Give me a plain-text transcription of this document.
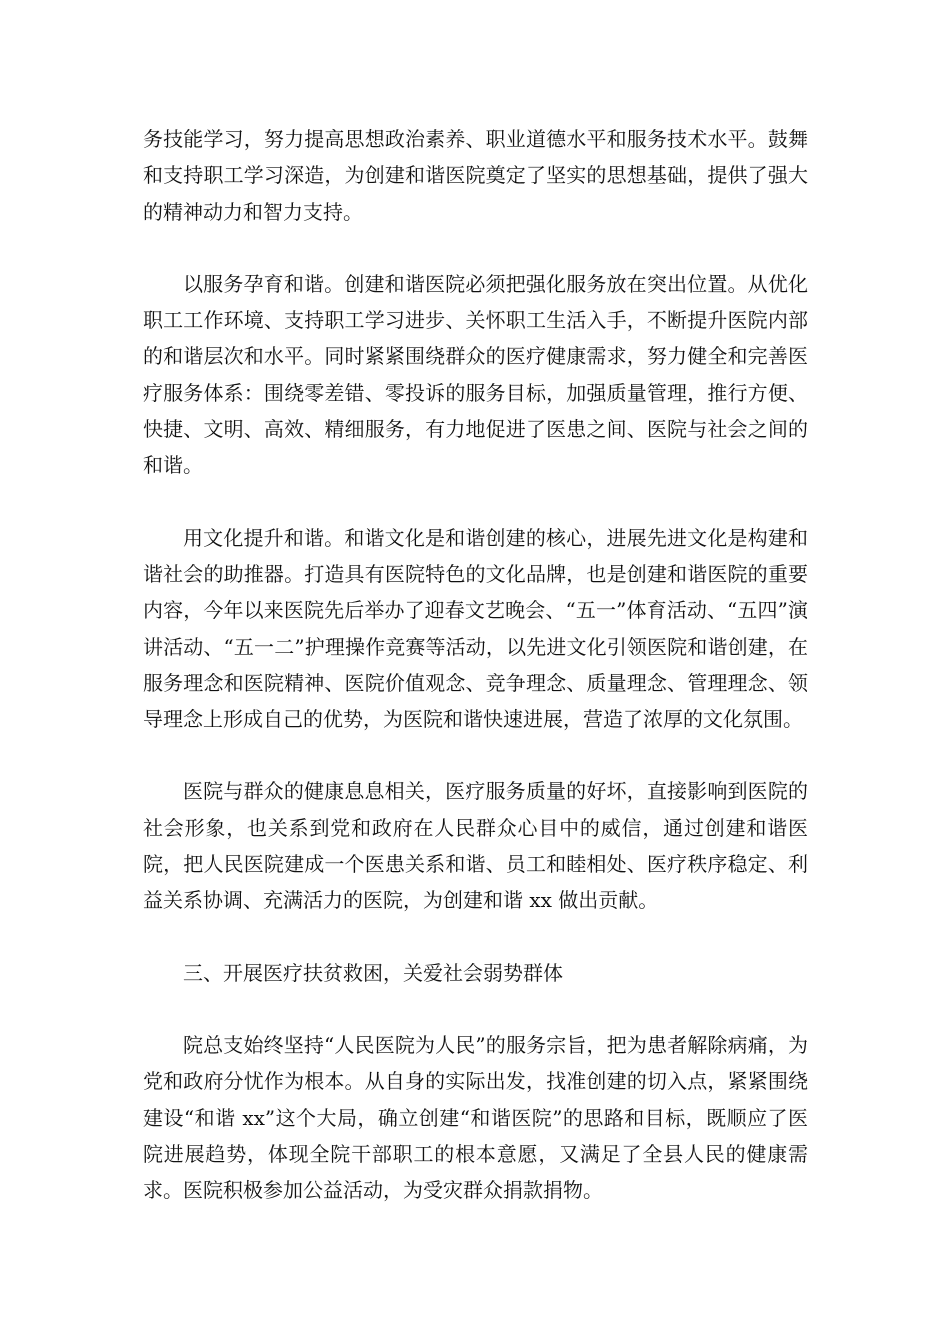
务技能学习，努力提高思想政治素养、职业道德水平和服务技术水平。鼓舞和支持职工学习深造，为创建和谐医院奠定了坚实的思想基础，提供了强大的精神动力和智力支持。

以服务孕育和谐。创建和谐医院必须把强化服务放在突出位置。从优化职工工作环境、支持职工学习进步、关怀职工生活入手，不断提升医院内部的和谐层次和水平。同时紧紧围绕群众的医疗健康需求，努力健全和完善医疗服务体系：围绕零差错、零投诉的服务目标，加强质量管理，推行方便、快捷、文明、高效、精细服务，有力地促进了医患之间、医院与社会之间的和谐。

用文化提升和谐。和谐文化是和谐创建的核心，进展先进文化是构建和谐社会的助推器。打造具有医院特色的文化品牌，也是创建和谐医院的重要内容，今年以来医院先后举办了迎春文艺晚会、“五一”体育活动、“五四”演讲活动、“五一二”护理操作竞赛等活动，以先进文化引领医院和谐创建，在服务理念和医院精神、医院价值观念、竞争理念、质量理念、管理理念、领导理念上形成自己的优势，为医院和谐快速进展，营造了浓厚的文化氛围。

医院与群众的健康息息相关，医疗服务质量的好坏，直接影响到医院的社会形象，也关系到党和政府在人民群众心目中的威信，通过创建和谐医院，把人民医院建成一个医患关系和谐、员工和睦相处、医疗秩序稳定、利益关系协调、充满活力的医院，为创建和谐 xx 做出贡献。

三、开展医疗扶贫救困，关爱社会弱势群体

院总支始终坚持“人民医院为人民”的服务宗旨，把为患者解除病痛，为党和政府分忧作为根本。从自身的实际出发，找准创建的切入点，紧紧围绕建设“和谐 xx”这个大局，确立创建“和谐医院”的思路和目标，既顺应了医院进展趋势，体现全院干部职工的根本意愿，又满足了全县人民的健康需求。医院积极参加公益活动，为受灾群众捐款捐物。
